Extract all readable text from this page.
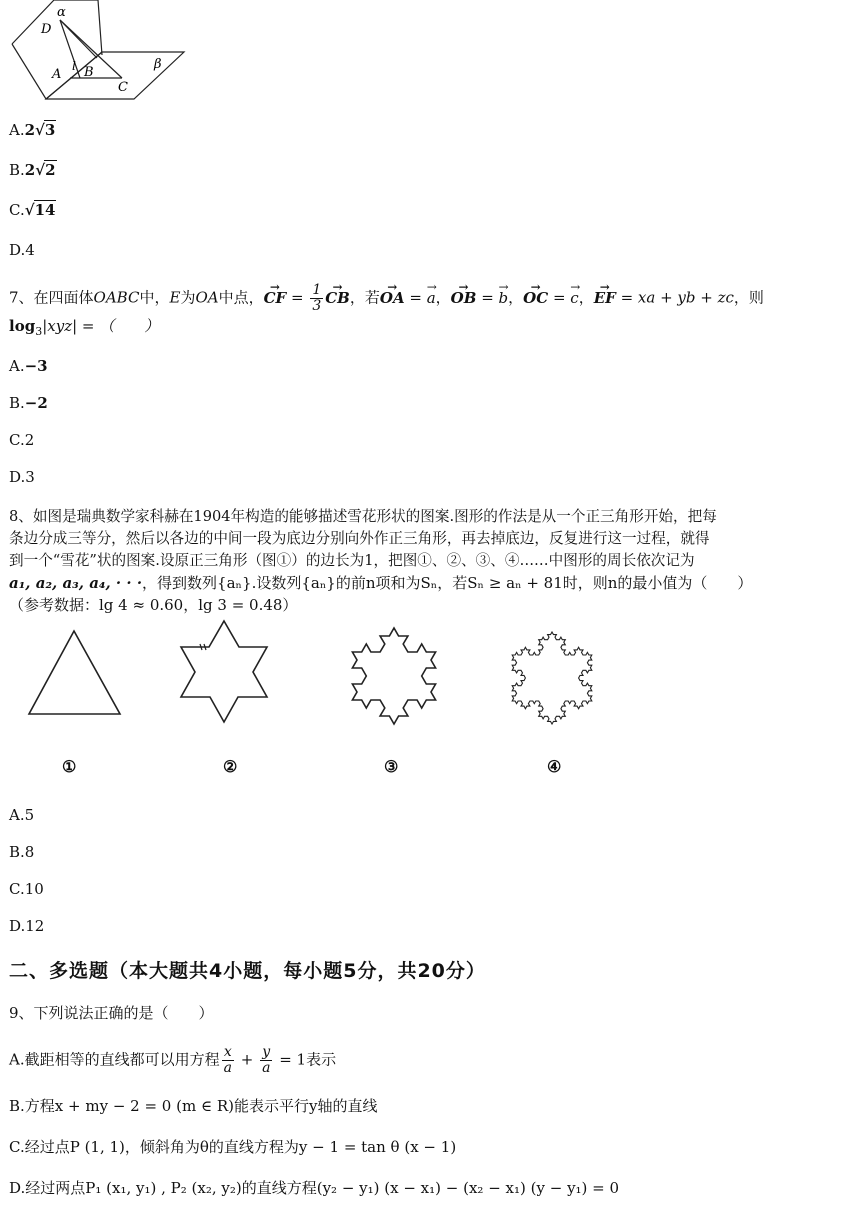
α
D
l
A B
C
β
A.2√3
B.2√2
C.√14
D.4
7、在四面体OABC中，E为OA中点，→ CF = $\frac{1}{3}$
→ CB，若→ OA = → a，→ OB = → b，→ OC = → c，→ EF = xa + yb + zc，则
$\log_3|xyz|$ = （　　）
A.−3
B.−2
C.2
D.3
8、如图是瑞典数学家科赫在1904年构造的能够描述雪花形状的图案.图形的作法是从一个正三角形开始，把每
条边分成三等分，然后以各边的中间一段为底边分别向外作正三角形，再去掉底边，反复进行这一过程，就得
到一个“雪花”状的图案.设原正三角形（图①）的边长为1，把图①、②、③、④……中图形的周长依次记为
a₁, a₂, a₃, a₄, · · ·，得到数列{aₙ}.设数列{aₙ}的前n项和为Sₙ，若Sₙ ≥ aₙ + 81时，则n的最小值为（　　）
（参考数据：lg 4 ≈ 0.60，lg 3 = 0.48）
①	②	③	④
A.5
B.8
C.10
D.12
二、多选题（本大题共4小题，每小题5分，共20分）
9、下列说法正确的是（　　）
A.截距相等的直线都可以用方程 $\frac{x}{a} + \frac{y}{a} = 1$表示
B.方程x + my − 2 = 0 (m ∈ R)能表示平行y轴的直线
C.经过点P (1, 1)，倾斜角为θ的直线方程为y − 1 = tan θ (x − 1)
D.经过两点P₁ (x₁, y₁) , P₂ (x₂, y₂)的直线方程(y₂ − y₁) (x − x₁) − (x₂ − x₁) (y − y₁) = 0
